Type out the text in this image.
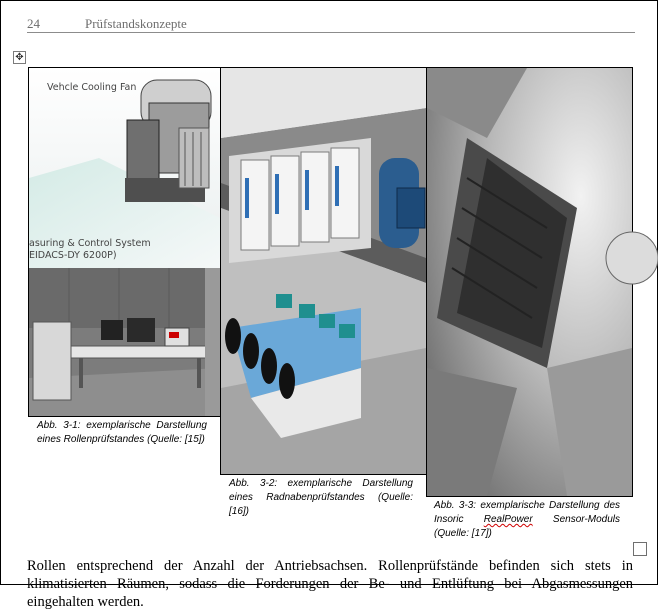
24	Prüfstandskonzepte
✥
Vehcle Cooling Fan
asuring & Control System
EIDACS-DY 6200P)
Abb. 3-1: exemplarische Darstellung eines Rollenprüfstandes (Quelle: [15])
Abb. 3-2: exemplarische Darstellung eines Radnabenprüfstandes (Quelle: [16])
Abb. 3-3: exemplarische Darstellung des Insoric RealPower Sensor-Moduls (Quelle: [17])
Rollen entsprechend der Anzahl der Antriebsachsen. Rollenprüfstände befinden sich stets in klimatisierten Räumen, sodass die Forderungen der Be- und Entlüftung bei Abgasmessungen eingehalten werden.
